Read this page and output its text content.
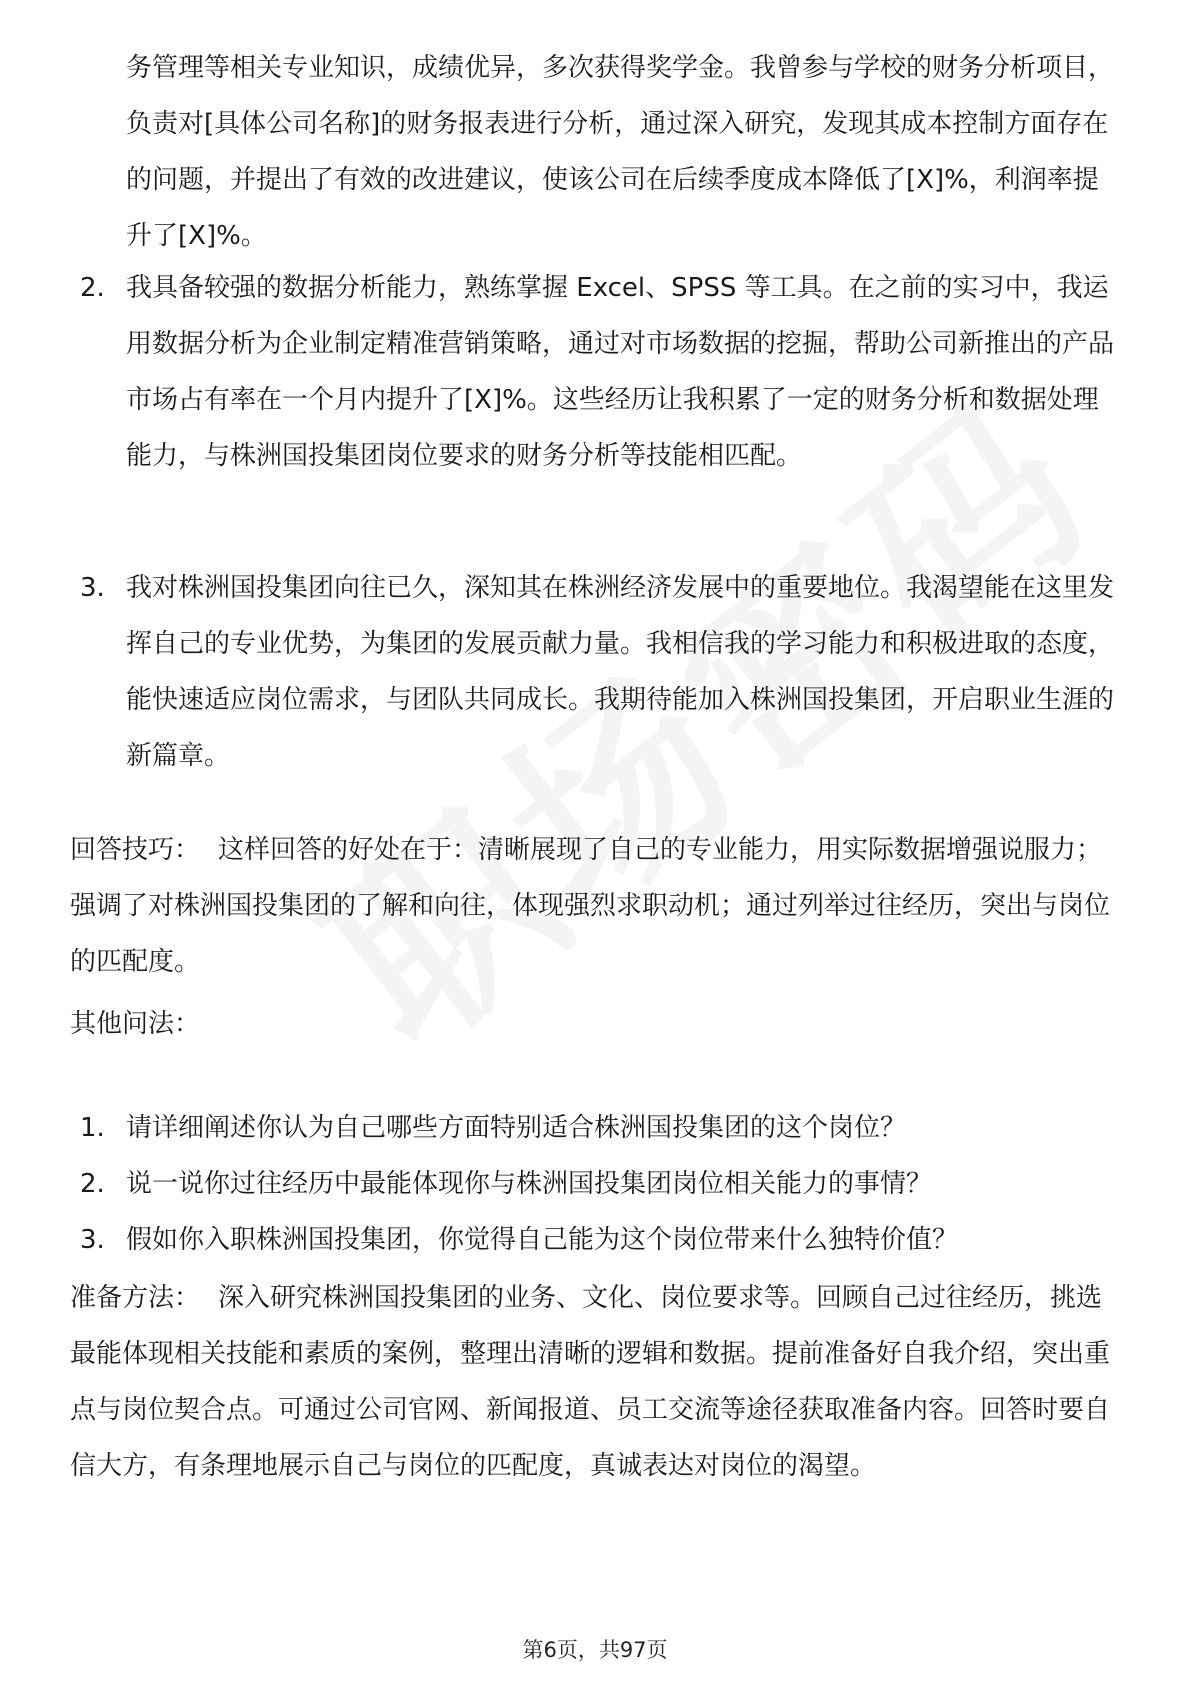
务管理等相关专业知识，成绩优异，多次获得奖学金。我曾参与学校的财务分析项目，负责对[具体公司名称]的财务报表进行分析，通过深入研究，发现其成本控制方面存在的问题，并提出了有效的改进建议，使该公司在后续季度成本降低了[X]%，利润率提升了[X]%。

2. 我具备较强的数据分析能力，熟练掌握 Excel、SPSS 等工具。在之前的实习中，我运用数据分析为企业制定精准营销策略，通过对市场数据的挖掘，帮助公司新推出的产品市场占有率在一个月内提升了[X]%。这些经历让我积累了一定的财务分析和数据处理能力，与株洲国投集团岗位要求的财务分析等技能相匹配。
3. 我对株洲国投集团向往已久，深知其在株洲经济发展中的重要地位。我渴望能在这里发挥自己的专业优势，为集团的发展贡献力量。我相信我的学习能力和积极进取的态度，能快速适应岗位需求，与团队共同成长。我期待能加入株洲国投集团，开启职业生涯的新篇章。

回答技巧： 这样回答的好处在于：清晰展现了自己的专业能力，用实际数据增强说服力；强调了对株洲国投集团的了解和向往，体现强烈求职动机；通过列举过往经历，突出与岗位的匹配度。

其他问法：

1. 请详细阐述你认为自己哪些方面特别适合株洲国投集团的这个岗位？
2. 说一说你过往经历中最能体现你与株洲国投集团岗位相关能力的事情？
3. 假如你入职株洲国投集团，你觉得自己能为这个岗位带来什么独特价值？

准备方法： 深入研究株洲国投集团的业务、文化、岗位要求等。回顾自己过往经历，挑选最能体现相关技能和素质的案例，整理出清晰的逻辑和数据。提前准备好自我介绍，突出重点与岗位契合点。可通过公司官网、新闻报道、员工交流等途径获取准备内容。回答时要自信大方，有条理地展示自己与岗位的匹配度，真诚表达对岗位的渴望。

第6页，共97页
